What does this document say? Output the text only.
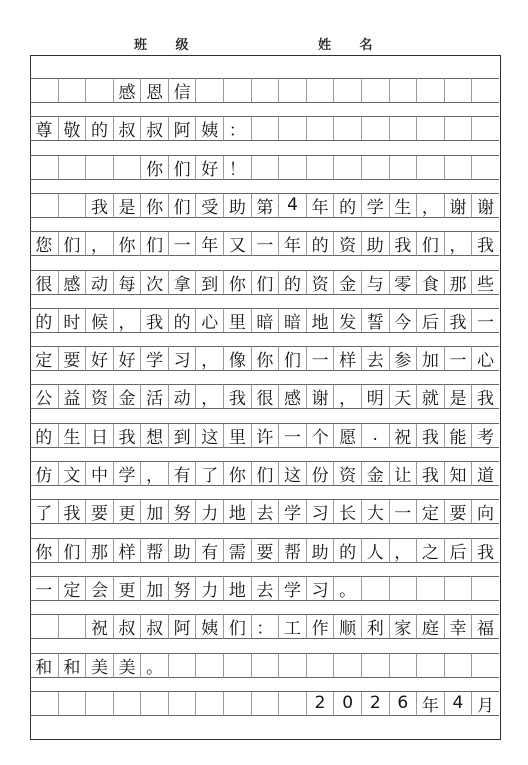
班 级	姓 名
感 恩 信
尊 敬 的 叔 叔 阿 姨 ：
你 们 好 ！
我 是 你 们 受 助 第 4 年 的 学 生 ， 谢 谢
您 们 ， 你 们 一 年 又 一 年 的 资 助 我 们 ， 我
很 感 动 每 次 拿 到 你 们 的 资 金 与 零 食 那 些
的 时 候 ， 我 的 心 里 暗 暗 地 发 誓 今 后 我 一
定 要 好 好 学 习 ， 像 你 们 一 样 去 参 加 一 心
公 益 资 金 活 动 ， 我 很 感 谢 ， 明 天 就 是 我
的 生 日 我 想 到 这 里 许 一 个 愿 . 祝 我 能 考
仿 文 中 学 ， 有 了 你 们 这 份 资 金 让 我 知 道
了 我 要 更 加 努 力 地 去 学 习 长 大 一 定 要 向
你 们 那 样 帮 助 有 需 要 帮 助 的 人 ， 之 后 我
一 定 会 更 加 努 力 地 去 学 习 。
祝 叔 叔 阿 姨 们 ： 工 作 顺 利 家 庭 幸 福
和 和 美 美 。
2 0 2 6 年 4 月
